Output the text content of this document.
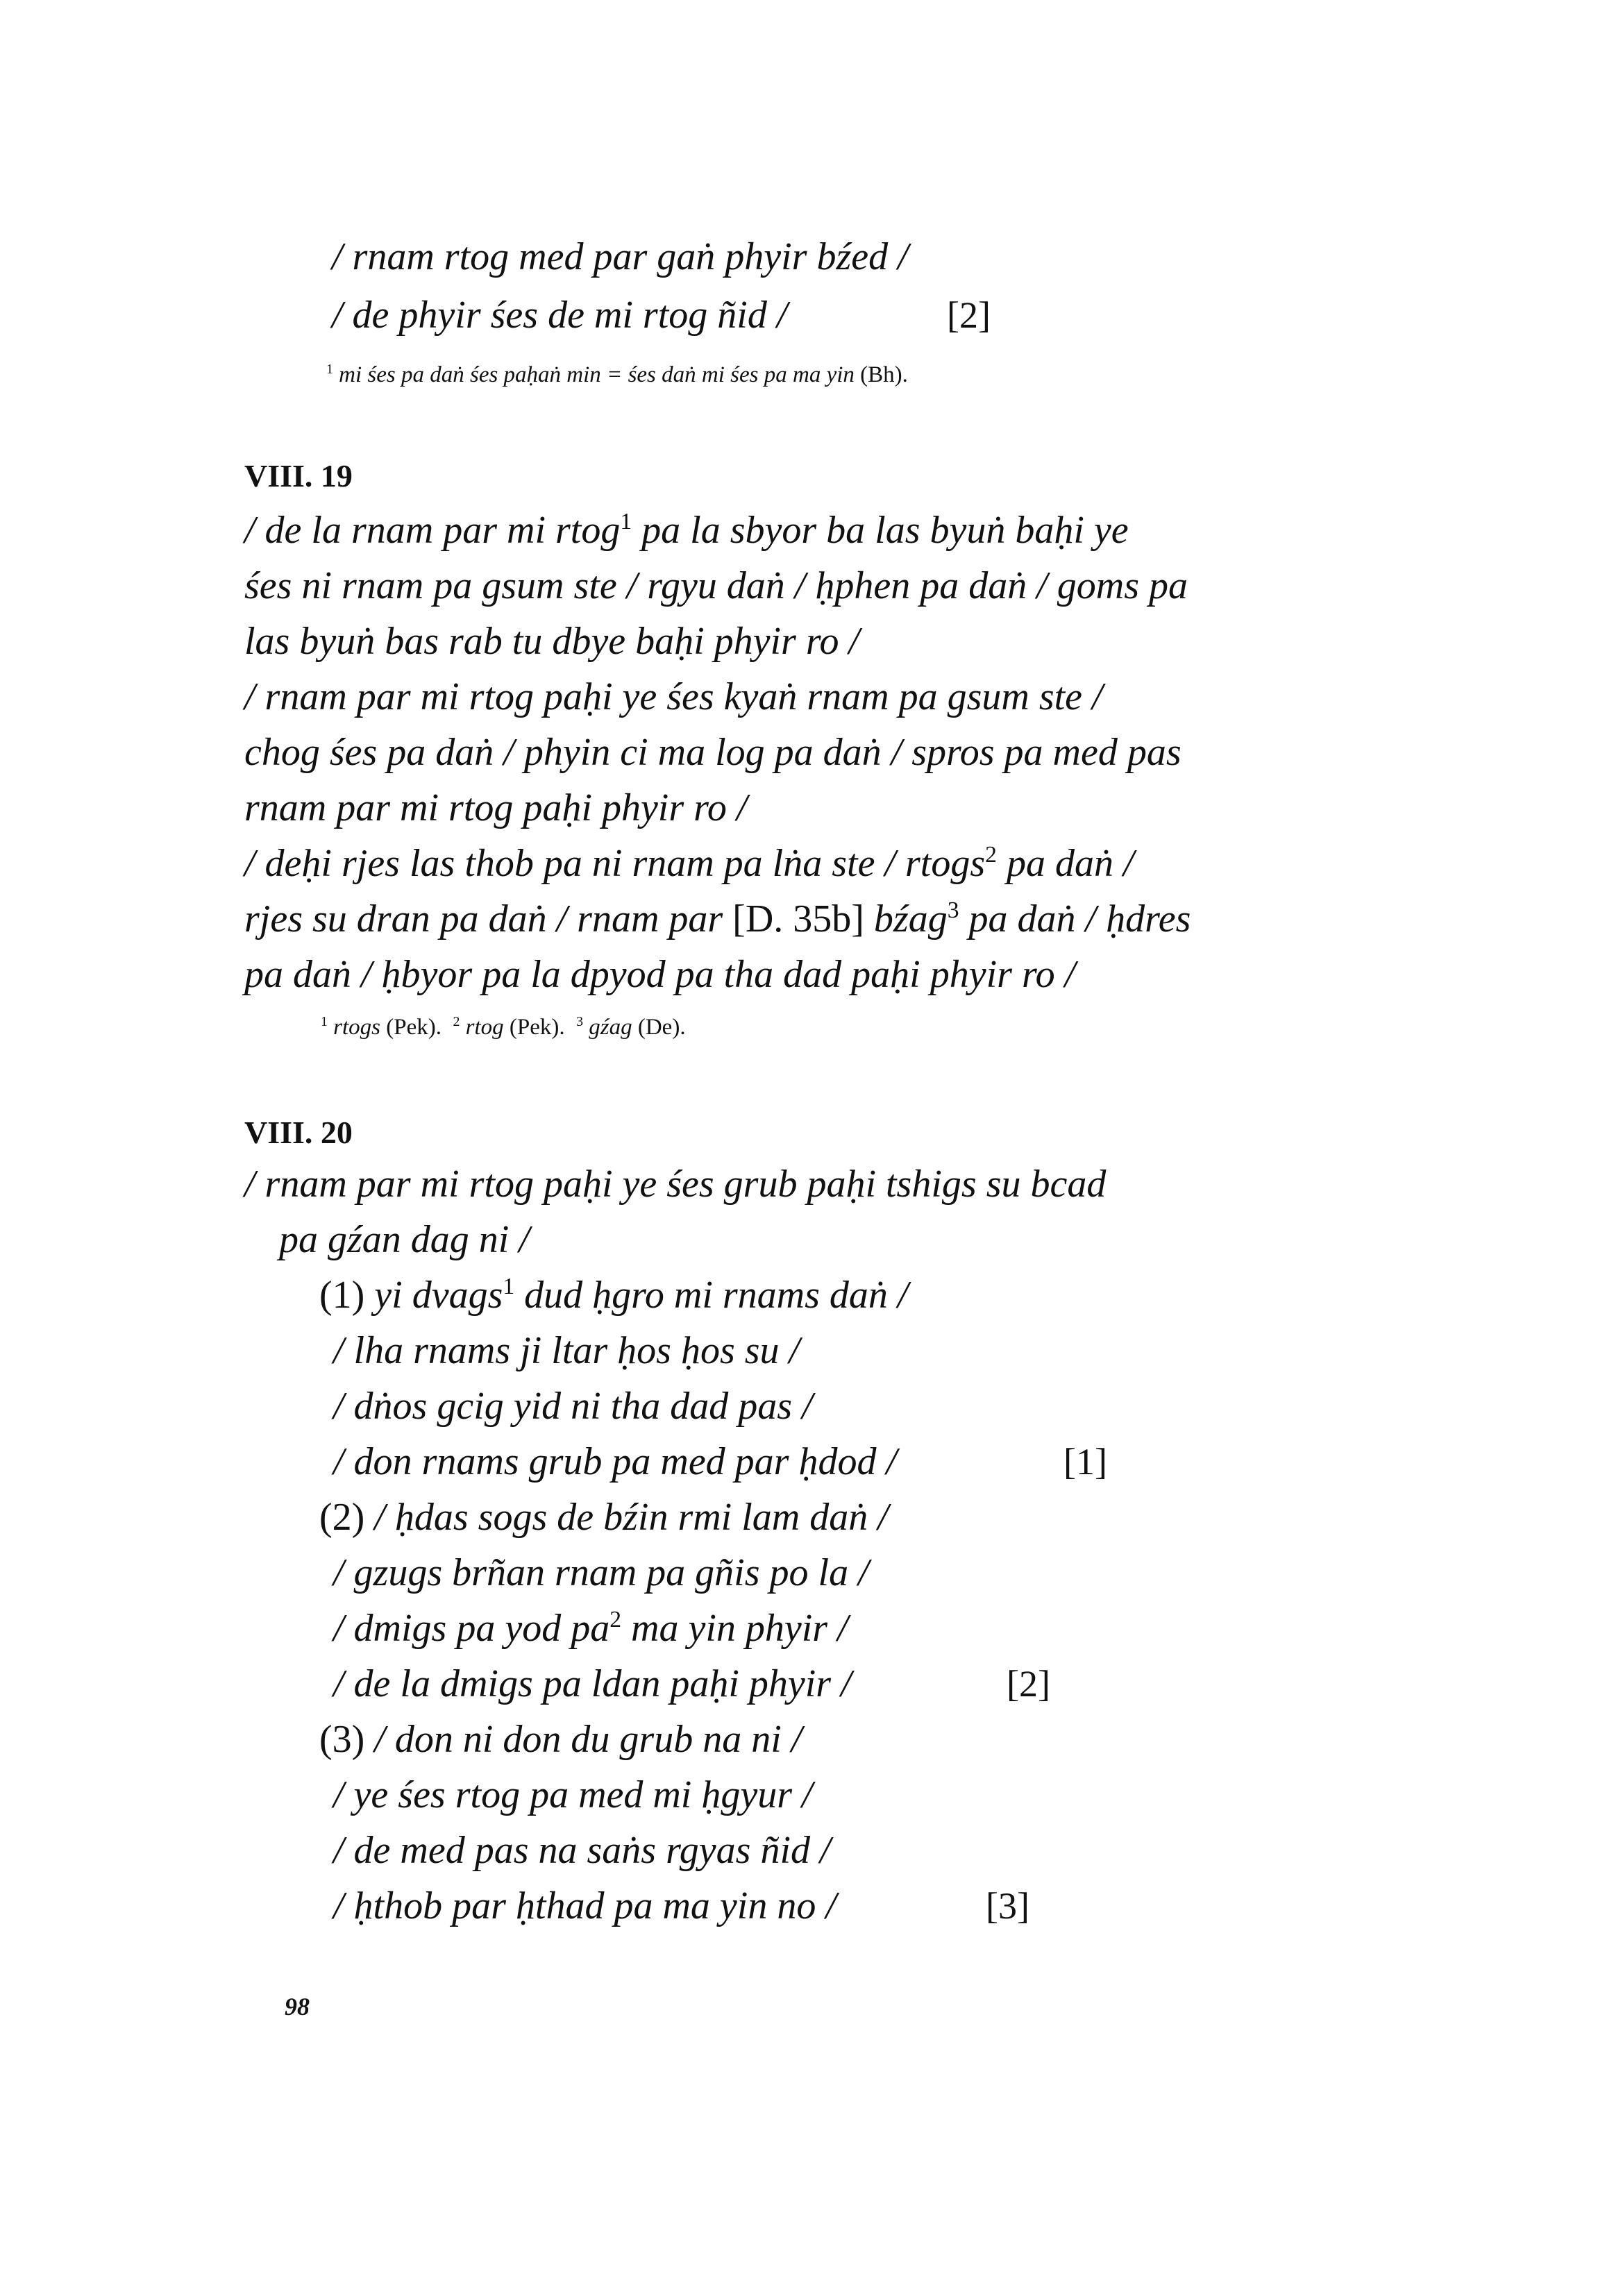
/ rnam rtog med par gaṅ phyir bźed /
/ de phyir śes de mi rtog ñid /	[2]
$^1$ mi śes pa daṅ śes paḥaṅ min = śes daṅ mi śes pa ma yin (Bh).
VIII. 19
/ de la rnam par mi rtog$^1$ pa la sbyor ba las byuṅ baḥi ye
śes ni rnam pa gsum ste / rgyu daṅ / ḥphen pa daṅ / goms pa
las byuṅ bas rab tu dbye baḥi phyir ro /
/ rnam par mi rtog paḥi ye śes kyaṅ rnam pa gsum ste /
chog śes pa daṅ / phyin ci ma log pa daṅ / spros pa med pas
rnam par mi rtog paḥi phyir ro /
/ deḥi rjes las thob pa ni rnam pa lṅa ste / rtogs$^2$ pa daṅ /
rjes su dran pa daṅ / rnam par [D. 35b] bźag$^3$ pa daṅ / ḥdres
pa daṅ / ḥbyor pa la dpyod pa tha dad paḥi phyir ro /
$^1$ rtogs (Pek). $^2$ rtog (Pek). $^3$ gźag (De).
VIII. 20
/ rnam par mi rtog paḥi ye śes grub paḥi tshigs su bcad
pa gźan dag ni /
(1) yi dvags$^1$ dud ḥgro mi rnams daṅ /
/ lha rnams ji ltar ḥos ḥos su /
/ dṅos gcig yid ni tha dad pas /
/ don rnams grub pa med par ḥdod /	[1]
(2) / ḥdas sogs de bźin rmi lam daṅ /
/ gzugs brñan rnam pa gñis po la /
/ dmigs pa yod $pa^2$ ma yin phyir /
/ de la dmigs pa ldan paḥi phyir /	[2]
(3) / don ni don du grub na ni /
/ ye śes rtog pa med mi ḥgyur /
/ de med pas na saṅs rgyas ñid /
/ ḥthob par ḥthad pa ma yin no /	[3]
98
